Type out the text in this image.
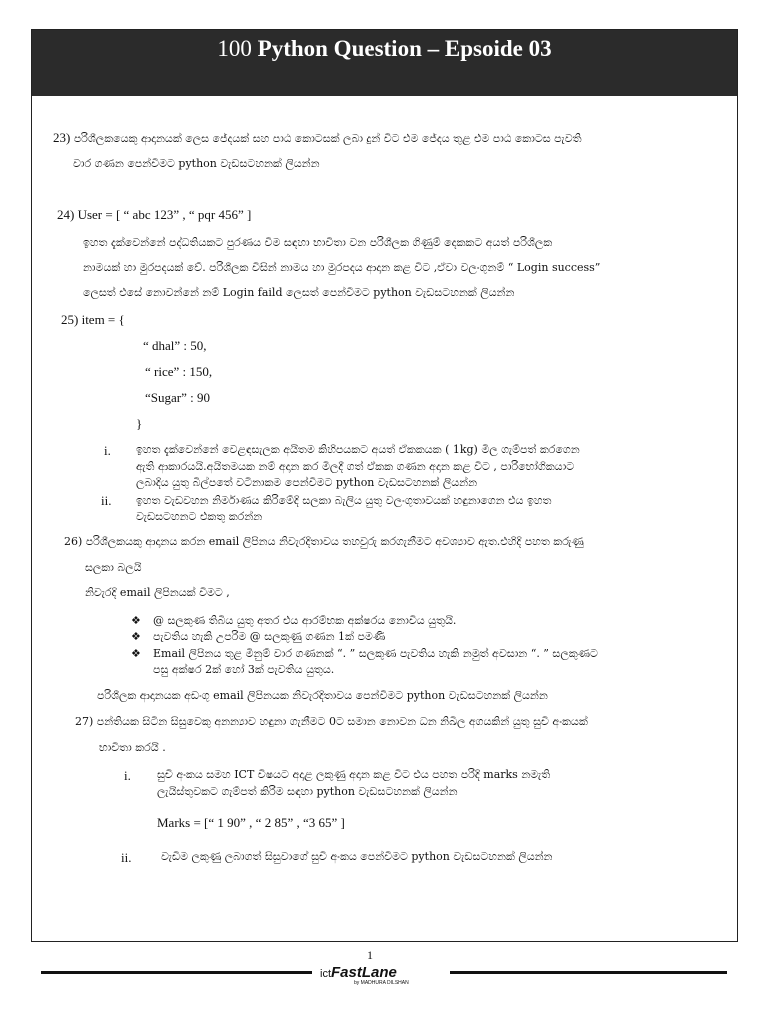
100 Python Question – Epsoide 03
23) පරිශීලකයෙකු ආදානයක් ලෙස ජේදයක් සහ පාඨ කොටසක් ලබා දුන් විට එම ජේදය තුළ එම පාඨ කොටස පැවති
වාර ගණන පෙන්වීමට python වැඩසටහනක් ලියන්න
24) User = [ “ abc 123” , “ pqr 456” ]
ඉහත දැක්වෙන්නේ පද්ධතියකට පුරණය වීම සඳහා භාවිතා වන පරිශීලක ගිණුම් දෙකකට අයත් පරිශීලක
නාමයක් හා මුරපදයක් වේ. පරිශීලක විසින් නාමය හා මුරපදය ආදාන කළ විට ,ඒවා වලංගුනම් “ Login success”
ලෙසත් එසේ නොවන්නේ නම් Login faild ලෙසත් පෙන්වීමට python වැඩසටහනක් ලියන්න
25) item = {
“ dhal” : 50,
“ rice” : 150,
“Sugar” : 90
}
i. ඉහත දැක්වෙන්නේ වෙළඳසැලක අයිතම කිහිපයකට අයත් ඒකකයක ( 1kg) මිල ගැම්පත් කරගෙන
ඇති ආකාරයයි.අයිතමයක නම් අදාන කර මිලදී ගත් ඒකක ගණන අදාන කළ විට , පාරිභෝගිකයාට
ලබාදිය යුතු බිල්පතේ වටිනාකම පෙන්වීමට python වැඩසටහනක් ලියන්න
ii. ඉහත වැඩවහන නිර්මාණය කිරිමේදි සලකා බැලිය යුතු වලංගුතාවයක් හඳුනාගෙන එය ඉහත
වැඩසටහනට එකතු කරන්න
26) පරිශීලකයකු ආදානය කරන email ලිපිනය නිවැරදිතාවය තහවුරු කරගැනීමට අවශ්‍යාව ඇත.එහිදි පහත කරුණු
සලකා බලයි
නිවැරදි email ලිපිනයක් විමට ,
❖ @ සලකුණ තිබිය යුතු අතර එය ආරම්භක අක්ෂරය නොවිය යුතුයි.
❖ පැවතිය හැකි උපරිම @ සලකුණු ගණන 1ක් පමණි
❖ Email ලිපිනය තුළ මිනුම් වාර ගණනක් “. ” සලකුණ පැවතිය හැකි නමුත් අවසාන “. ” සලකුණට
පසු අක්ෂර 2ක් හෝ 3ක් පැවතිය යුතුය.
පරිශීලක ආදානයක අඩංගු email ලිපිනයක නිවැරදිතාවය පෙන්වීමට python වැඩසටහනක් ලියන්න
27) පන්තියක සිටින සිසුවෙකු අනන්‍යාව හඳුනා ගැනීමට 0ට සමාන නොවන ධන නිඛිල අගයකින් යුතු සුචි අංකයක්
භාවිතා කරයි .
i. සුචි අංකය සමහ ICT විෂයට අදාළ ලකුණු අදාන කළ විට එය පහත පරිදි marks නමැති
ලැයිස්තුවකට ගැම්පත් කිරිම සඳහා python වැඩසටහනක් ලියන්න
Marks = [“ 1 90” , “ 2 85” , “3 65” ]
ii.	වැඩිම ලකුණු ලබාගත් සිසුවාගේ සුචි අංකය පෙන්වීමට python වැඩසටහනක් ලියන්න
1
ictFastLane
by MADHURA DILSHAN
